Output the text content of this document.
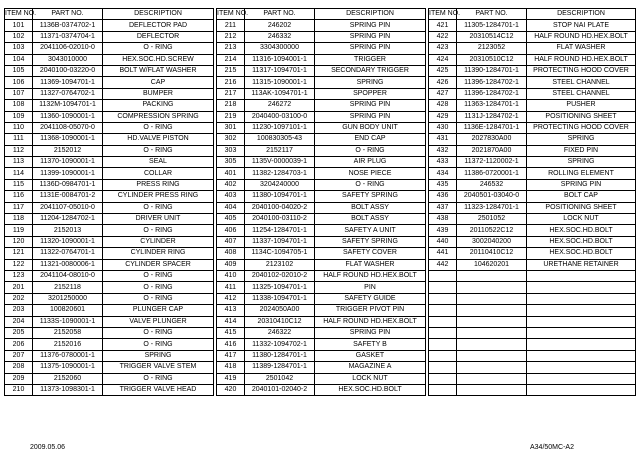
ITEM NO.	PART NO.	DESCRIPTION
101	1136B-0374702-1	DEFLECTOR PAD
102	11371-0374704-1	DEFLECTOR
103	2041106-02010-0	O - RING
104	3043010000	HEX.SOC.HD.SCREW
105	2040100-03220-0	BOLT W/FLAT WASHER
106	11369-1094701-1	CAP
107	11327-0764702-1	BUMPER
108	1132M-1094701-1	PACKING
109	11360-1090001-1	COMPRESSION SPRING
110	2041108-05070-0	O - RING
111	11368-1090001-1	HD.VALVE PISTON
112	2152012	O - RING
113	11370-1090001-1	SEAL
114	11399-1090001-1	COLLAR
115	1136D-0984701-1	PRESS RING
116	1131E-0084701-2	CYLINDER PRESS RING
117	2041107-05010-0	O - RING
118	11204-1284702-1	DRIVER UNIT
119	2152013	O - RING
120	11320-1090001-1	CYLINDER
121	11322-0764701-1	CYLINDER RING
122	11321-0080006-1	CYLINDER SPACER
123	2041104-08010-0	O - RING
201	2152118	O - RING
202	3201250000	O - RING
203	100820601	PLUNGER CAP
204	1133S-1090001-1	VALVE PLUNGER
205	2152058	O - RING
206	2152016	O - RING
207	11376-0780001-1	SPRING
208	11375-1090001-1	TRIGGER VALVE STEM
209	2152060	O - RING
210	11373-1098301-1	TRIGGER VALVE HEAD
ITEM NO.	PART NO.	DESCRIPTION
211	246202	SPRING PIN
212	246332	SPRING PIN
213	3304300000	SPRING PIN
214	11316-1094001-1	TRIGGER
215	11317-1094701-1	SECONDARY TRIGGER
216	11315-1090001-1	SPRING
217	113AK-1094701-1	SPOPPER
218	246272	SPRING PIN
219	2040400-03100-0	SPRING PIN
301	11230-1097101-1	GUN BODY UNIT
302	100830305-43	END CAP
303	2152117	O - RING
305	1135V-0000039-1	AIR PLUG
401	11382-1284703-1	NOSE PIECE
402	3204240000	O - RING
403	11380-1094701-1	SAFETY SPRING
404	2040100-04020-2	BOLT ASSY
405	2040100-03110-2	BOLT ASSY
406	11254-1284701-1	SAFETY A UNIT
407	11337-1094701-1	SAFETY SPRING
408	1134C-1094705-1	SAFETY COVER
409	2123102	FLAT WASHER
410	2040102-02010-2	HALF ROUND HD.HEX.BOLT
411	11325-1094701-1	PIN
412	11338-1094701-1	SAFETY GUIDE
413	2024050A00	TRIGGER PIVOT PIN
414	20310410C12	HALF ROUND HD.HEX.BOLT
415	246322	SPRING PIN
416	11332-1094702-1	SAFETY B
417	11380-1284701-1	GASKET
418	11389-1284701-1	MAGAZINE A
419	2501042	LOCK NUT
420	2040101-02040-2	HEX.SOC.HD.BOLT
ITEM NO.	PART NO.	DESCRIPTION
421	11305-1284701-1	STOP NAI PLATE
422	20310514C12	HALF ROUND HD.HEX.BOLT
423	2123052	FLAT WASHER
424	20310510C12	HALF ROUND HD.HEX.BOLT
425	11390-1284701-1	PROTECTING HOOD COVER
426	11396-1284702-1	STEEL CHANNEL
427	11396-1284702-1	STEEL CHANNEL
428	11363-1284701-1	PUSHER
429	1131J-1284702-1	POSITIONING SHEET
430	1136E-1284701-1	PROTECTING HOOD COVER
431	2027830A00	SPRING
432	2021870A00	FIXED PIN
433	11372-1120002-1	SPRING
434	11386-0720001-1	ROLLING ELEMENT
435	246532	SPRING PIN
436	2040501-03040-0	BOLT CAP
437	11323-1284701-1	POSITIONING SHEET
438	2501052	LOCK NUT
439	20110522C12	HEX.SOC.HD.BOLT
440	3002040200	HEX.SOC.HD.BOLT
441	20110410C12	HEX.SOC.HD.BOLT
442	104620201	URETHANE RETAINER

2009.05.06	A34/50MC-A2
